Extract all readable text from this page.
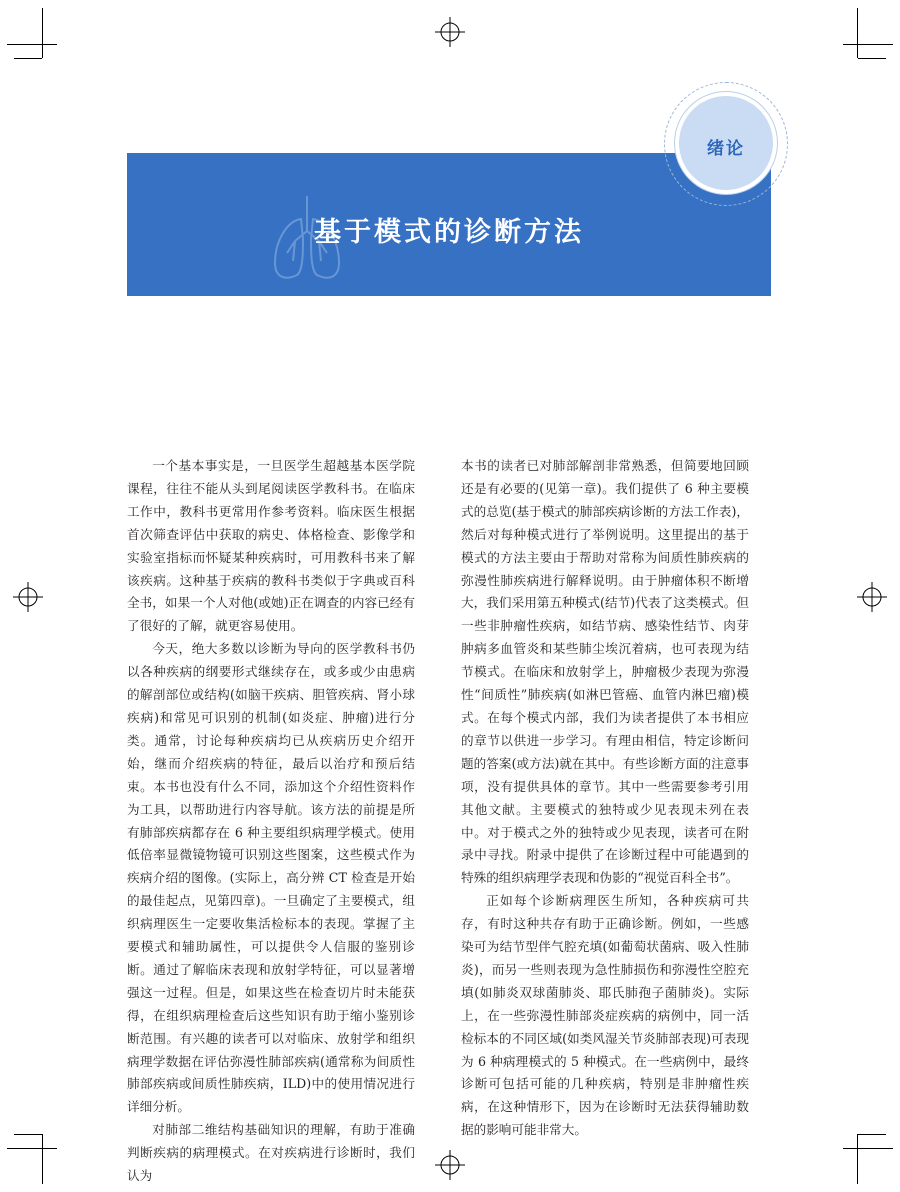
基于模式的诊断方法
绪论

一个基本事实是，一旦医学生超越基本医学院课程，往往不能从头到尾阅读医学教科书。在临床工作中，教科书更常用作参考资料。临床医生根据首次筛查评估中获取的病史、体格检查、影像学和实验室指标而怀疑某种疾病时，可用教科书来了解该疾病。这种基于疾病的教科书类似于字典或百科全书，如果一个人对他(或她)正在调查的内容已经有了很好的了解，就更容易使用。

今天，绝大多数以诊断为导向的医学教科书仍以各种疾病的纲要形式继续存在，或多或少由患病的解剖部位或结构(如脑干疾病、胆管疾病、肾小球疾病)和常见可识别的机制(如炎症、肿瘤)进行分类。通常，讨论每种疾病均已从疾病历史介绍开始，继而介绍疾病的特征，最后以治疗和预后结束。本书也没有什么不同，添加这个介绍性资料作为工具，以帮助进行内容导航。该方法的前提是所有肺部疾病都存在 6 种主要组织病理学模式。使用低倍率显微镜物镜可识别这些图案，这些模式作为疾病介绍的图像。(实际上，高分辨 CT 检查是开始的最佳起点，见第四章)。一旦确定了主要模式，组织病理医生一定要收集活检标本的表现。掌握了主要模式和辅助属性，可以提供令人信服的鉴别诊断。通过了解临床表现和放射学特征，可以显著增强这一过程。但是，如果这些在检查切片时未能获得，在组织病理检查后这些知识有助于缩小鉴别诊断范围。有兴趣的读者可以对临床、放射学和组织病理学数据在评估弥漫性肺部疾病(通常称为间质性肺部疾病或间质性肺疾病，ILD)中的使用情况进行详细分析。

对肺部二维结构基础知识的理解，有助于准确判断疾病的病理模式。在对疾病进行诊断时，我们认为

本书的读者已对肺部解剖非常熟悉，但简要地回顾还是有必要的(见第一章)。我们提供了 6 种主要模式的总览(基于模式的肺部疾病诊断的方法工作表)，然后对每种模式进行了举例说明。这里提出的基于模式的方法主要由于帮助对常称为间质性肺疾病的弥漫性肺疾病进行解释说明。由于肿瘤体积不断增大，我们采用第五种模式(结节)代表了这类模式。但一些非肿瘤性疾病，如结节病、感染性结节、肉芽肿病多血管炎和某些肺尘埃沉着病，也可表现为结节模式。在临床和放射学上，肿瘤极少表现为弥漫性“间质性”肺疾病(如淋巴管癌、血管内淋巴瘤)模式。在每个模式内部，我们为读者提供了本书相应的章节以供进一步学习。有理由相信，特定诊断问题的答案(或方法)就在其中。有些诊断方面的注意事项，没有提供具体的章节。其中一些需要参考引用其他文献。主要模式的独特或少见表现未列在表中。对于模式之外的独特或少见表现，读者可在附录中寻找。附录中提供了在诊断过程中可能遇到的特殊的组织病理学表现和伪影的“视觉百科全书”。

正如每个诊断病理医生所知，各种疾病可共存，有时这种共存有助于正确诊断。例如，一些感染可为结节型伴气腔充填(如葡萄状菌病、吸入性肺炎)，而另一些则表现为急性肺损伤和弥漫性空腔充填(如肺炎双球菌肺炎、耶氏肺孢子菌肺炎)。实际上，在一些弥漫性肺部炎症疾病的病例中，同一活检标本的不同区域(如类风湿关节炎肺部表现)可表现为 6 种病理模式的 5 种模式。在一些病例中，最终诊断可包括可能的几种疾病，特别是非肿瘤性疾病，在这种情形下，因为在诊断时无法获得辅助数据的影响可能非常大。
